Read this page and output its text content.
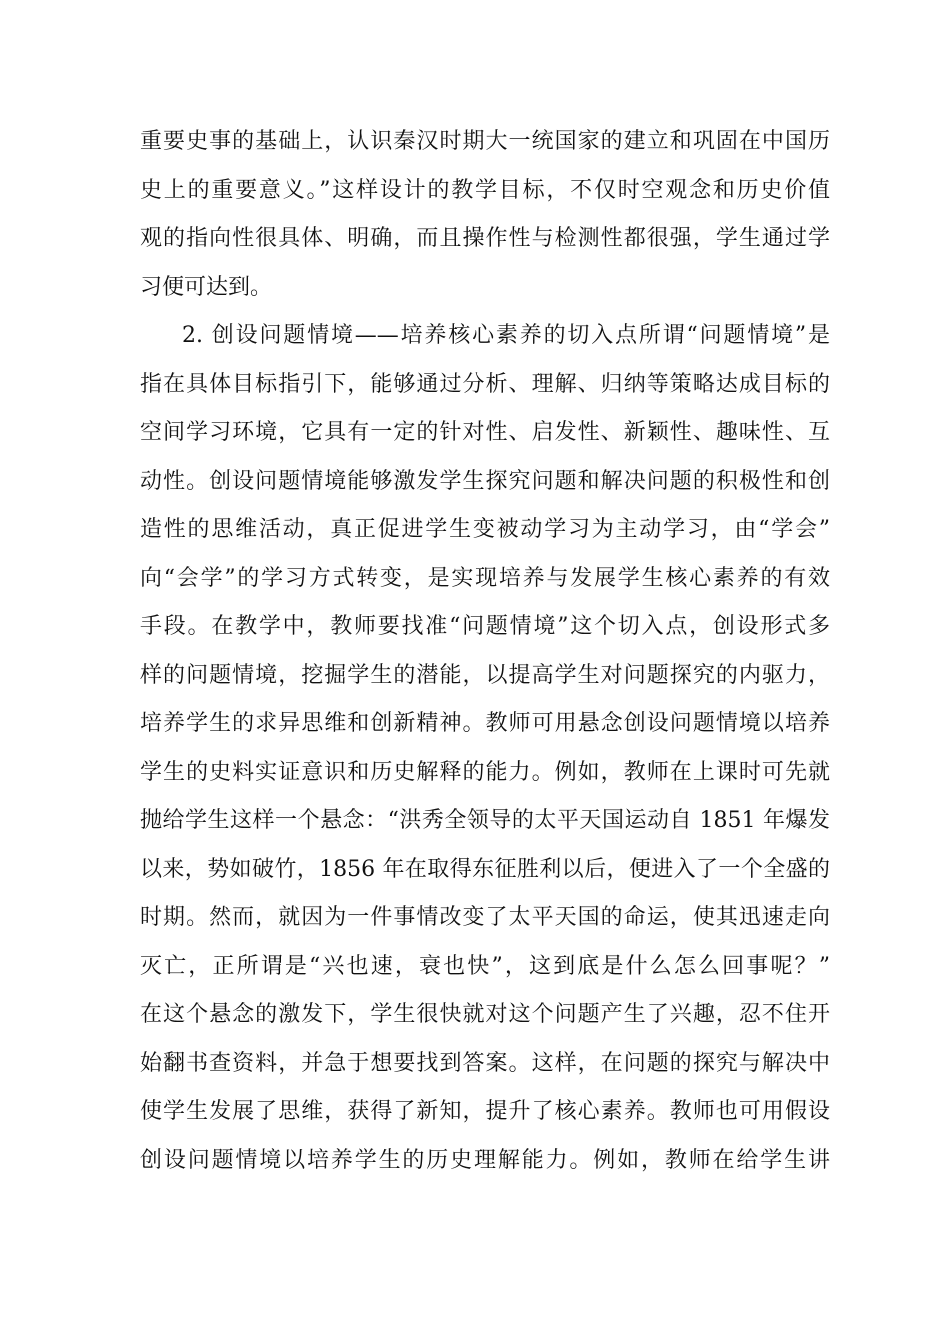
重要史事的基础上，认识秦汉时期大一统国家的建立和巩固在中国历
史上的重要意义。”这样设计的教学目标，不仅时空观念和历史价值
观的指向性很具体、明确，而且操作性与检测性都很强，学生通过学
习便可达到。
2. 创设问题情境——培养核心素养的切入点所谓“问题情境”是
指在具体目标指引下，能够通过分析、理解、归纳等策略达成目标的
空间学习环境，它具有一定的针对性、启发性、新颖性、趣味性、互
动性。创设问题情境能够激发学生探究问题和解决问题的积极性和创
造性的思维活动，真正促进学生变被动学习为主动学习，由“学会”
向“会学”的学习方式转变，是实现培养与发展学生核心素养的有效
手段。在教学中，教师要找准“问题情境”这个切入点，创设形式多
样的问题情境，挖掘学生的潜能，以提高学生对问题探究的内驱力，
培养学生的求异思维和创新精神。教师可用悬念创设问题情境以培养
学生的史料实证意识和历史解释的能力。例如，教师在上课时可先就
抛给学生这样一个悬念：“洪秀全领导的太平天国运动自 1851 年爆发
以来，势如破竹，1856 年在取得东征胜利以后，便进入了一个全盛的
时期。然而，就因为一件事情改变了太平天国的命运，使其迅速走向
灭亡，正所谓是“兴也速，衰也快”，这到底是什么怎么回事呢？”
在这个悬念的激发下，学生很快就对这个问题产生了兴趣，忍不住开
始翻书查资料，并急于想要找到答案。这样，在问题的探究与解决中
使学生发展了思维，获得了新知，提升了核心素养。教师也可用假设
创设问题情境以培养学生的历史理解能力。例如，教师在给学生讲
